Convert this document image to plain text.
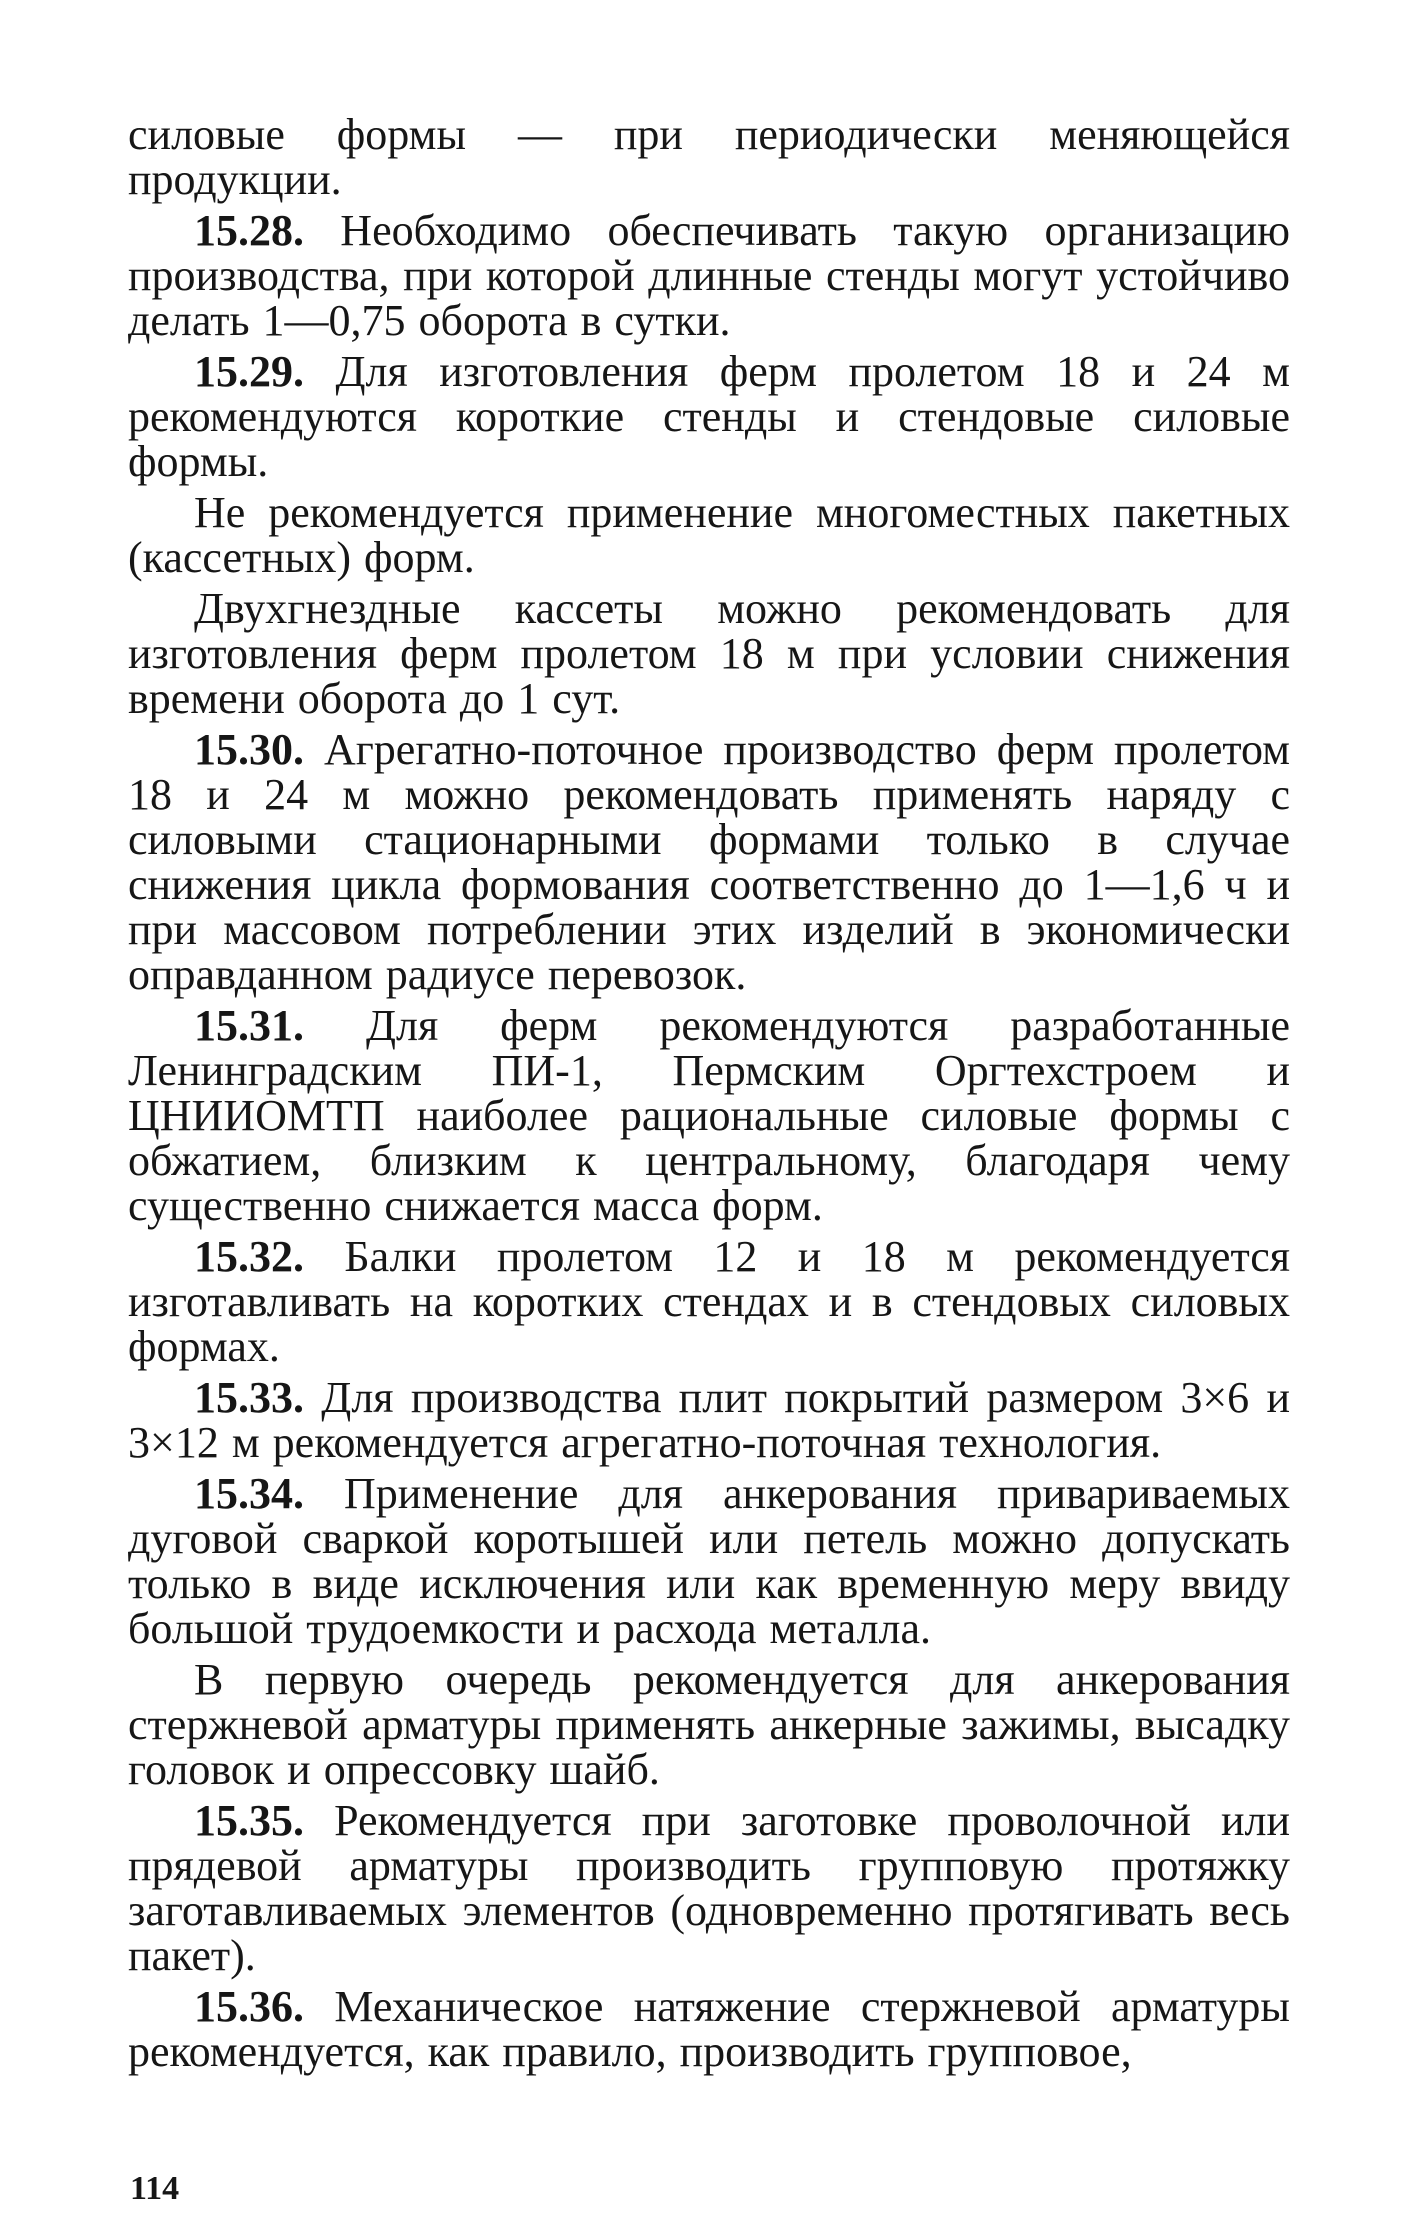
силовые формы — при периодически меняющейся продукции.

15.28. Необходимо обеспечивать такую организацию производства, при которой длинные стенды могут устойчиво делать 1—0,75 оборота в сутки.

15.29. Для изготовления ферм пролетом 18 и 24 м рекомендуются короткие стенды и стендовые силовые формы.

Не рекомендуется применение многоместных пакетных (кассетных) форм.

Двухгнездные кассеты можно рекомендовать для изготовления ферм пролетом 18 м при условии снижения времени оборота до 1 сут.

15.30. Агрегатно-поточное производство ферм пролетом 18 и 24 м можно рекомендовать применять наряду с силовыми стационарными формами только в случае снижения цикла формования соответственно до 1—1,6 ч и при массовом потреблении этих изделий в экономически оправданном радиусе перевозок.

15.31. Для ферм рекомендуются разработанные Ленинградским ПИ-1, Пермским Оргтехстроем и ЦНИИОМТП наиболее рациональные силовые формы с обжатием, близким к центральному, благодаря чему существенно снижается масса форм.

15.32. Балки пролетом 12 и 18 м рекомендуется изготавливать на коротких стендах и в стендовых силовых формах.

15.33. Для производства плит покрытий размером 3×6 и 3×12 м рекомендуется агрегатно-поточная технология.

15.34. Применение для анкерования привариваемых дуговой сваркой коротышей или петель можно допускать только в виде исключения или как временную меру ввиду большой трудоемкости и расхода металла.

В первую очередь рекомендуется для анкерования стержневой арматуры применять анкерные зажимы, высадку головок и опрессовку шайб.

15.35. Рекомендуется при заготовке проволочной или прядевой арматуры производить групповую протяжку заготавливаемых элементов (одновременно протягивать весь пакет).

15.36. Механическое натяжение стержневой арматуры рекомендуется, как правило, производить групповое,

114
